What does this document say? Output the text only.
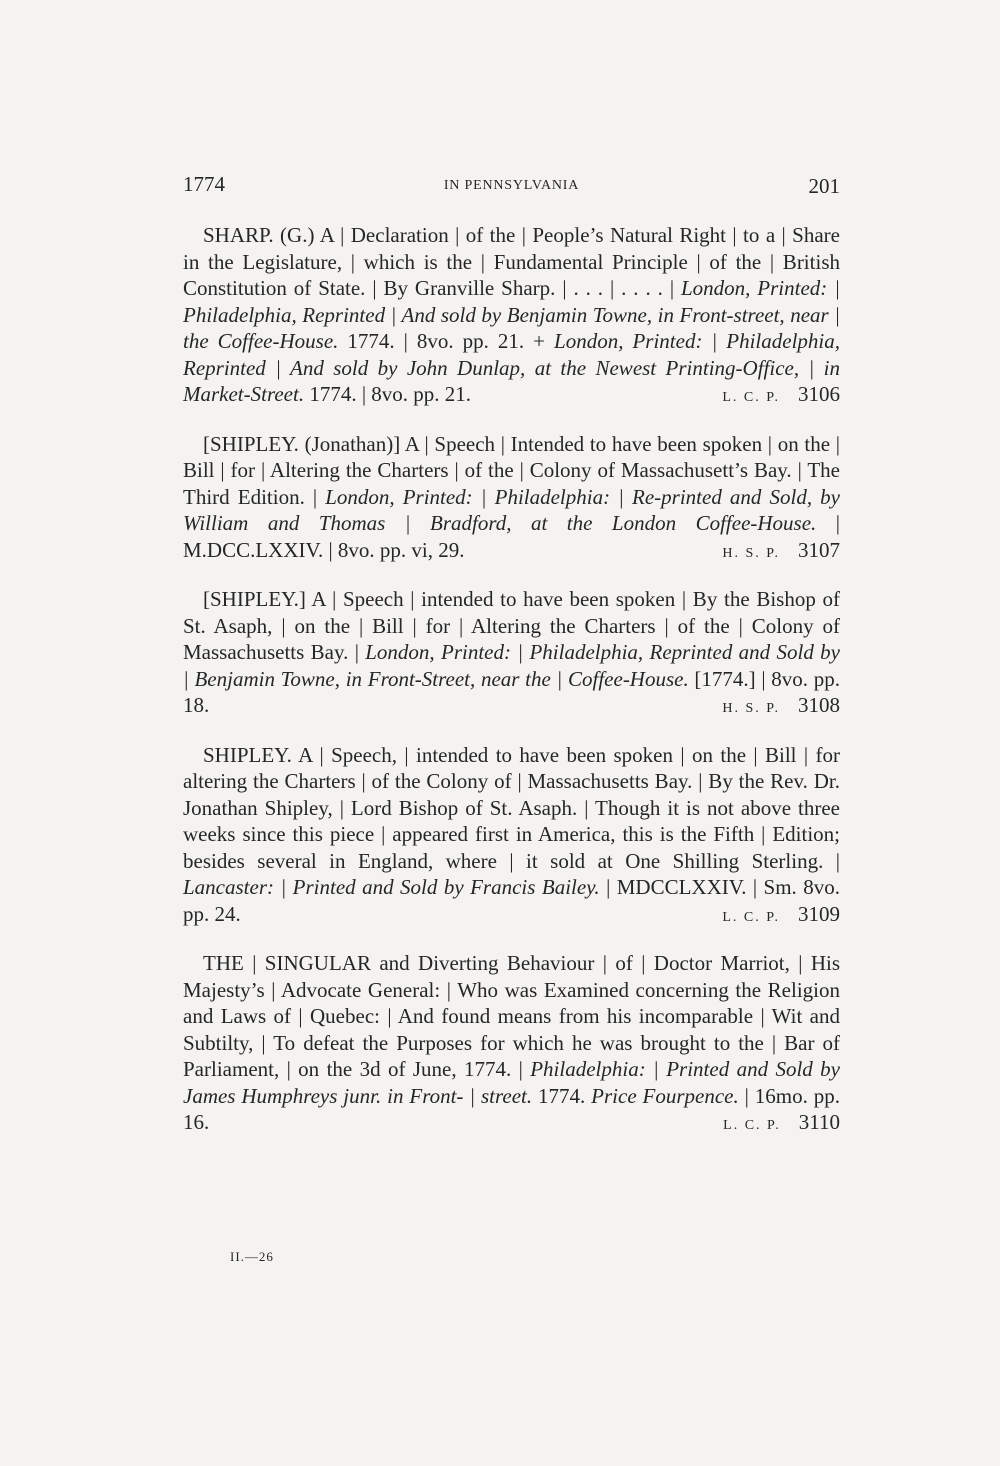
1774	IN PENNSYLVANIA	201

SHARP. (G.) A | Declaration | of the | People’s Natural Right | to a | Share in the Legislature, | which is the | Fundamental Principle | of the | British Constitution of State. | By Granville Sharp. | . . . | . . . . | London, Printed: | Philadelphia, Reprinted | And sold by Benjamin Towne, in Front-street, near | the Coffee-House. 1774. | 8vo. pp. 21. + London, Printed: | Philadelphia, Reprinted | And sold by John Dunlap, at the Newest Printing-Office, | in Market-Street. 1774. | 8vo. pp. 21.	L. C. P. 3106

[SHIPLEY. (Jonathan)] A | Speech | Intended to have been spoken | on the | Bill | for | Altering the Charters | of the | Colony of Massachusett’s Bay. | The Third Edition. | London, Printed: | Philadelphia: | Re-printed and Sold, by William and Thomas | Bradford, at the London Coffee-House. | M.DCC.LXXIV. | 8vo. pp. vi, 29.	H. S. P. 3107

[SHIPLEY.] A | Speech | intended to have been spoken | By the Bishop of St. Asaph, | on the | Bill | for | Altering the Charters | of the | Colony of Massachusetts Bay. | London, Printed: | Philadelphia, Reprinted and Sold by | Benjamin Towne, in Front-Street, near the | Coffee-House. [1774.] | 8vo. pp. 18.	H. S. P. 3108

SHIPLEY. A | Speech, | intended to have been spoken | on the | Bill | for altering the Charters | of the Colony of | Massachusetts Bay. | By the Rev. Dr. Jonathan Shipley, | Lord Bishop of St. Asaph. | Though it is not above three weeks since this piece | appeared first in America, this is the Fifth | Edition; besides several in England, where | it sold at One Shilling Sterling. | Lancaster: | Printed and Sold by Francis Bailey. | MDCCLXXIV. | Sm. 8vo. pp. 24.	L. C. P. 3109

THE | SINGULAR and Diverting Behaviour | of | Doctor Marriot, | His Majesty’s | Advocate General: | Who was Examined concerning the Religion and Laws of | Quebec: | And found means from his incomparable | Wit and Subtilty, | To defeat the Purposes for which he was brought to the | Bar of Parliament, | on the 3d of June, 1774. | Philadelphia: | Printed and Sold by James Humphreys junr. in Front- | street. 1774. Price Fourpence. | 16mo. pp. 16.	L. C. P. 3110

II.—26
